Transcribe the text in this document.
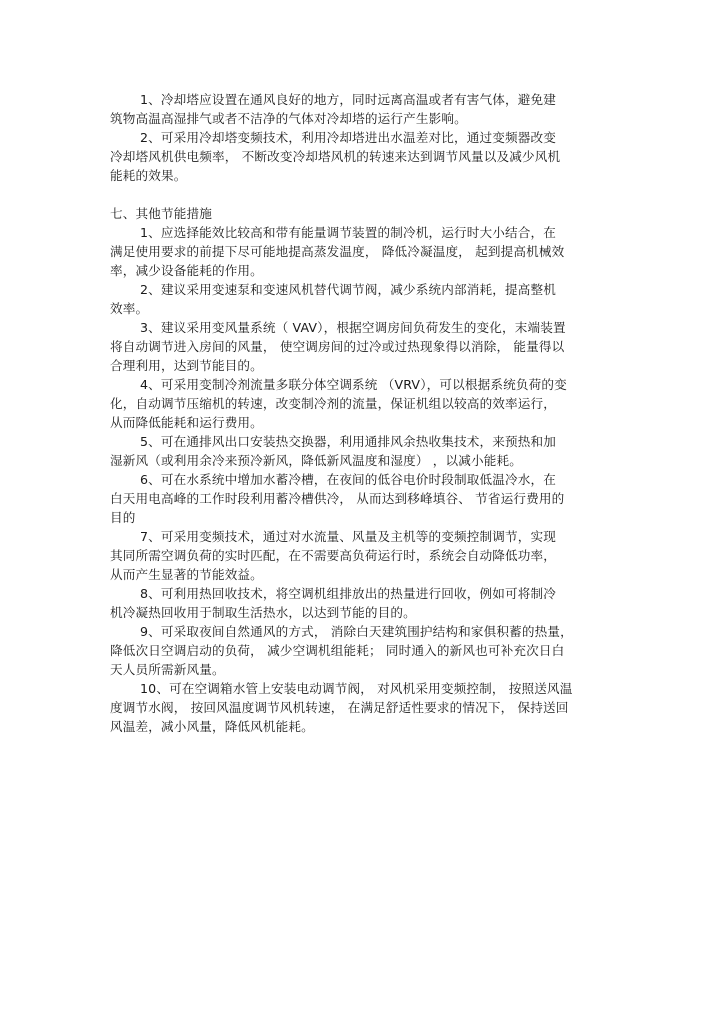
1、冷却塔应设置在通风良好的地方，同时远离高温或者有害气体，避免建
筑物高温高湿排气或者不洁净的气体对冷却塔的运行产生影响。
2、可采用冷却塔变频技术，利用冷却塔进出水温差对比，通过变频器改变
冷却塔风机供电频率， 不断改变冷却塔风机的转速来达到调节风量以及减少风机
能耗的效果。
七、其他节能措施
1、应选择能效比较高和带有能量调节装置的制冷机，运行时大小结合，在
满足使用要求的前提下尽可能地提高蒸发温度， 降低冷凝温度， 起到提高机械效
率，减少设备能耗的作用。
2、建议采用变速泵和变速风机替代调节阀，减少系统内部消耗，提高整机
效率。
3、建议采用变风量系统（ VAV），根据空调房间负荷发生的变化，末端装置
将自动调节进入房间的风量， 使空调房间的过冷或过热现象得以消除， 能量得以
合理利用，达到节能目的。
4、可采用变制冷剂流量多联分体空调系统 （VRV），可以根据系统负荷的变
化，自动调节压缩机的转速，改变制冷剂的流量，保证机组以较高的效率运行，
从而降低能耗和运行费用。
5、可在通排风出口安装热交换器，利用通排风余热收集技术，来预热和加
湿新风（或利用余冷来预冷新风，降低新风温度和湿度） ，以减小能耗。
6、可在水系统中增加水蓄冷槽，在夜间的低谷电价时段制取低温冷水，在
白天用电高峰的工作时段利用蓄冷槽供冷， 从而达到移峰填谷、 节省运行费用的
目的
7、可采用变频技术，通过对水流量、风量及主机等的变频控制调节，实现
其同所需空调负荷的实时匹配，在不需要高负荷运行时，系统会自动降低功率，
从而产生显著的节能效益。
8、可利用热回收技术，将空调机组排放出的热量进行回收，例如可将制冷
机冷凝热回收用于制取生活热水，以达到节能的目的。
9、可采取夜间自然通风的方式， 消除白天建筑围护结构和家俱积蓄的热量，
降低次日空调启动的负荷， 减少空调机组能耗； 同时通入的新风也可补充次日白
天人员所需新风量。
10、可在空调箱水管上安装电动调节阀， 对风机采用变频控制， 按照送风温
度调节水阀， 按回风温度调节风机转速， 在满足舒适性要求的情况下， 保持送回
风温差，减小风量，降低风机能耗。
